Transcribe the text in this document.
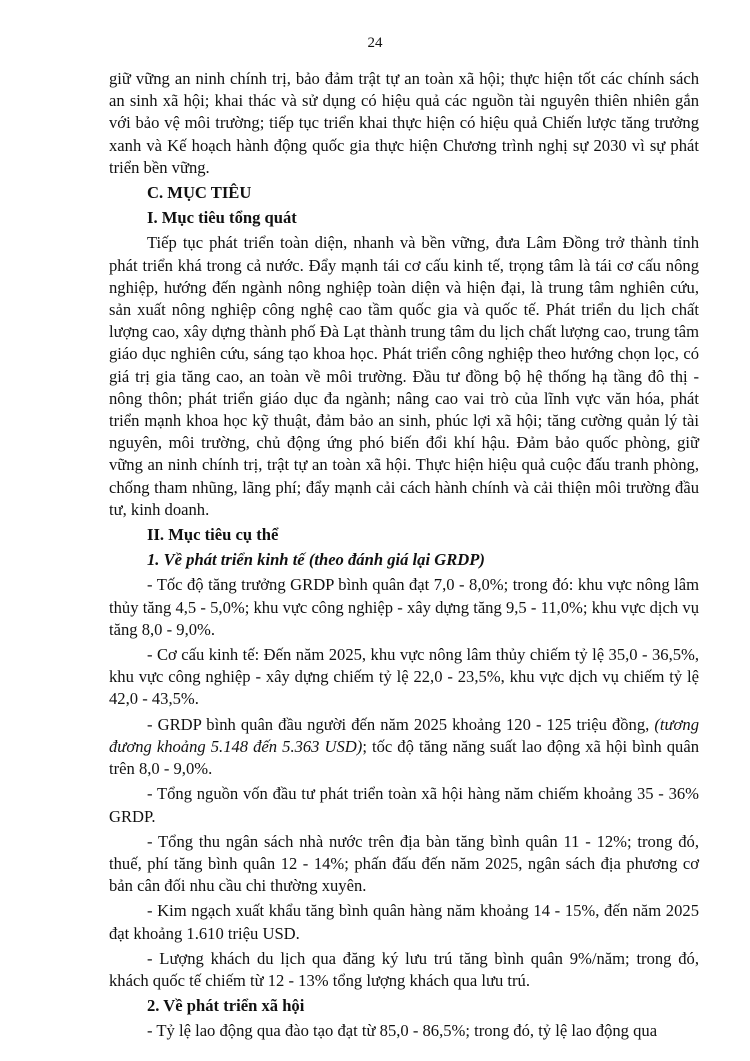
24

giữ vững an ninh chính trị, bảo đảm trật tự an toàn xã hội; thực hiện tốt các chính sách an sinh xã hội; khai thác và sử dụng có hiệu quả các nguồn tài nguyên thiên nhiên gắn với bảo vệ môi trường; tiếp tục triển khai thực hiện có hiệu quả Chiến lược tăng trưởng xanh và Kế hoạch hành động quốc gia thực hiện Chương trình nghị sự 2030 vì sự phát triển bền vững.

C. MỤC TIÊU

I. Mục tiêu tổng quát

Tiếp tục phát triển toàn diện, nhanh và bền vững, đưa Lâm Đồng trở thành tỉnh phát triển khá trong cả nước. Đẩy mạnh tái cơ cấu kinh tế, trọng tâm là tái cơ cấu nông nghiệp, hướng đến ngành nông nghiệp toàn diện và hiện đại, là trung tâm nghiên cứu, sản xuất nông nghiệp công nghệ cao tầm quốc gia và quốc tế. Phát triển du lịch chất lượng cao, xây dựng thành phố Đà Lạt thành trung tâm du lịch chất lượng cao, trung tâm giáo dục nghiên cứu, sáng tạo khoa học. Phát triển công nghiệp theo hướng chọn lọc, có giá trị gia tăng cao, an toàn về môi trường. Đầu tư đồng bộ hệ thống hạ tầng đô thị - nông thôn; phát triển giáo dục đa ngành; nâng cao vai trò của lĩnh vực văn hóa, phát triển mạnh khoa học kỹ thuật, đảm bảo an sinh, phúc lợi xã hội; tăng cường quản lý tài nguyên, môi trường, chủ động ứng phó biến đổi khí hậu. Đảm bảo quốc phòng, giữ vững an ninh chính trị, trật tự an toàn xã hội. Thực hiện hiệu quả cuộc đấu tranh phòng, chống tham nhũng, lãng phí; đẩy mạnh cải cách hành chính và cải thiện môi trường đầu tư, kinh doanh.

II. Mục tiêu cụ thể

1. Về phát triển kinh tế (theo đánh giá lại GRDP)

- Tốc độ tăng trưởng GRDP bình quân đạt 7,0 - 8,0%; trong đó: khu vực nông lâm thủy tăng 4,5 - 5,0%; khu vực công nghiệp - xây dựng tăng 9,5 - 11,0%; khu vực dịch vụ tăng 8,0 - 9,0%.

- Cơ cấu kinh tế: Đến năm 2025, khu vực nông lâm thủy chiếm tỷ lệ 35,0 - 36,5%, khu vực công nghiệp - xây dựng chiếm tỷ lệ 22,0 - 23,5%, khu vực dịch vụ chiếm tỷ lệ 42,0 - 43,5%.

- GRDP bình quân đầu người đến năm 2025 khoảng 120 - 125 triệu đồng, (tương đương khoảng 5.148 đến 5.363 USD); tốc độ tăng năng suất lao động xã hội bình quân trên 8,0 - 9,0%.

- Tổng nguồn vốn đầu tư phát triển toàn xã hội hàng năm chiếm khoảng 35 - 36% GRDP.

- Tổng thu ngân sách nhà nước trên địa bàn tăng bình quân 11 - 12%; trong đó, thuế, phí tăng bình quân 12 - 14%; phấn đấu đến năm 2025, ngân sách địa phương cơ bản cân đối nhu cầu chi thường xuyên.

- Kim ngạch xuất khẩu tăng bình quân hàng năm khoảng 14 - 15%, đến năm 2025 đạt khoảng 1.610 triệu USD.

- Lượng khách du lịch qua đăng ký lưu trú tăng bình quân 9%/năm; trong đó, khách quốc tế chiếm từ 12 - 13% tổng lượng khách qua lưu trú.

2. Về phát triển xã hội

- Tỷ lệ lao động qua đào tạo đạt từ 85,0 - 86,5%; trong đó, tỷ lệ lao động qua
